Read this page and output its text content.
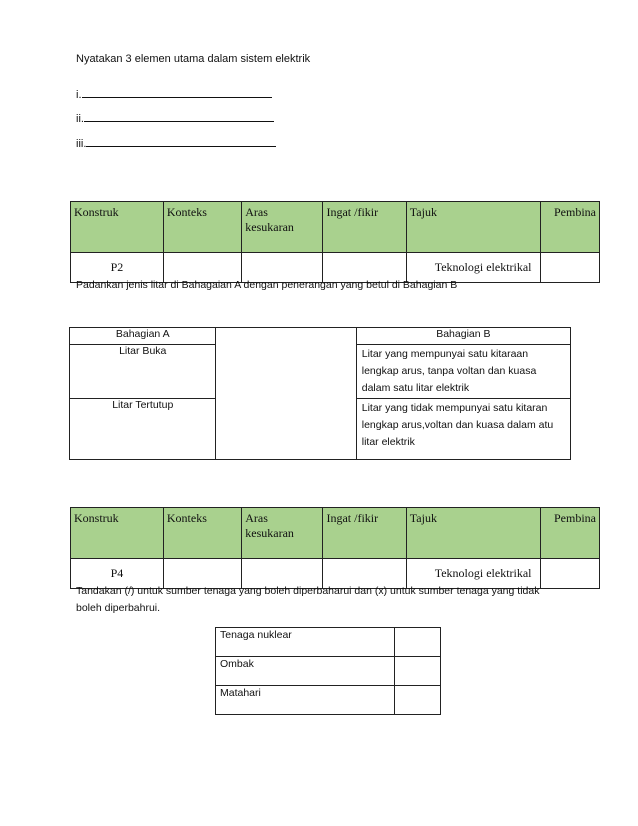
Nyatakan 3 elemen utama dalam sistem elektrik
i.
ii.
iii.
Konstruk	Konteks	Aras kesukaran	Ingat /fikir	Tajuk	Pembina
P2				Teknologi elektrikal	
Padankan jenis litar di Bahagaian A dengan penerangan yang betul di Bahagian B
Bahagian A		Bahagian B
Litar Buka		Litar yang mempunyai satu kitaraan lengkap arus, tanpa voltan dan kuasa dalam satu litar elektrik
Litar Tertutup		Litar yang tidak mempunyai satu kitaran lengkap arus,voltan dan kuasa dalam atu litar elektrik
Konstruk	Konteks	Aras kesukaran	Ingat /fikir	Tajuk	Pembina
P4				Teknologi elektrikal	
Tandakan (/) untuk sumber tenaga yang boleh diperbaharui dan (x) untuk sumber tenaga yang tidak boleh diperbahrui.
Tenaga nuklear	
Ombak	
Matahari	
